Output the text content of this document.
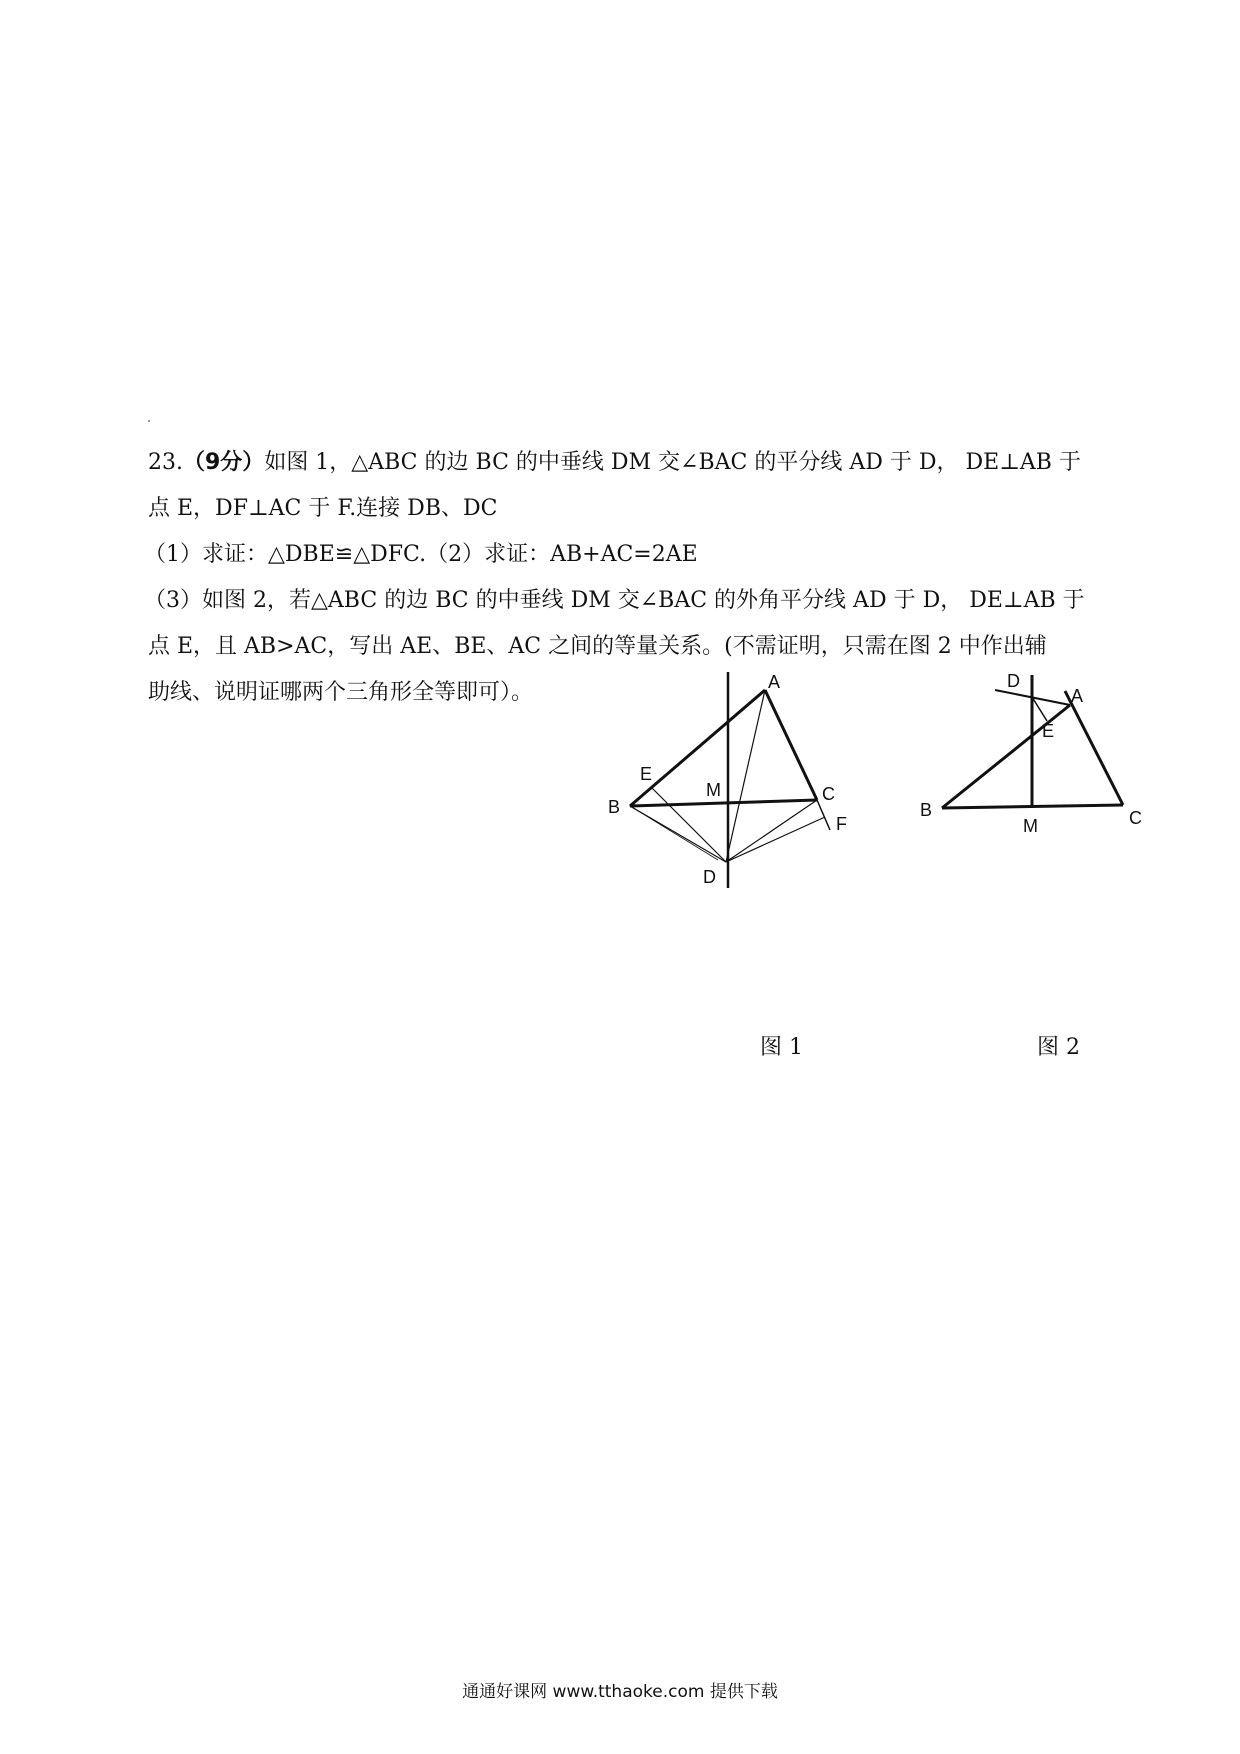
23.（9分）如图 1，△ABC 的边 BC 的中垂线 DM 交∠BAC 的平分线 AD 于 D， DE⊥AB 于
点 E，DF⊥AC 于 F.连接 DB、DC
（1）求证：△DBE≌△DFC.（2）求证：AB+AC=2AE
（3）如图 2，若△ABC 的边 BC 的中垂线 DM 交∠BAC 的外角平分线 AD 于 D， DE⊥AB 于
点 E，且 AB>AC，写出 AE、BE、AC 之间的等量关系。(不需证明，只需在图 2 中作出辅
助线、说明证哪两个三角形全等即可）。	A
B
C
D
E
F
M
D
A
E
B	C
M
图 1	图 2
通通好课网 www.tthaoke.com 提供下载
